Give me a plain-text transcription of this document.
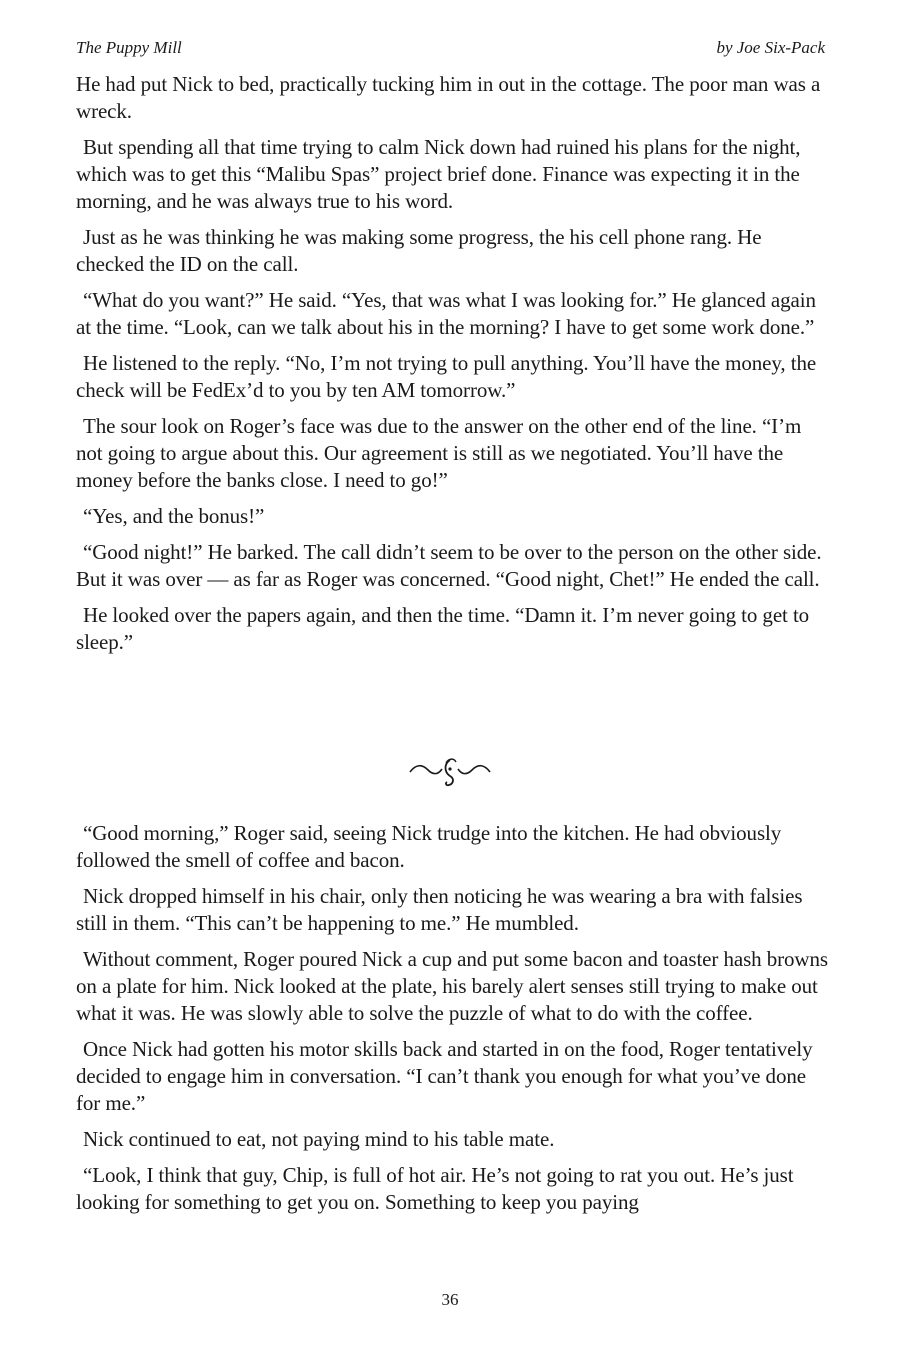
The Puppy Mill	by Joe Six-Pack

He had put Nick to bed, practically tucking him in out in the cottage. The poor man was a wreck.

But spending all that time trying to calm Nick down had ruined his plans for the night, which was to get this “Malibu Spas” project brief done. Finance was expecting it in the morning, and he was always true to his word.

Just as he was thinking he was making some progress, the his cell phone rang. He checked the ID on the call.

“What do you want?” He said. “Yes, that was what I was looking for.” He glanced again at the time. “Look, can we talk about his in the morning? I have to get some work done.”

He listened to the reply. “No, I’m not trying to pull anything. You’ll have the money, the check will be FedEx’d to you by ten AM tomorrow.”

The sour look on Roger’s face was due to the answer on the other end of the line. “I’m not going to argue about this. Our agreement is still as we negotiated. You’ll have the money before the banks close. I need to go!”

“Yes, and the bonus!”

“Good night!” He barked. The call didn’t seem to be over to the person on the other side. But it was over — as far as Roger was concerned. “Good night, Chet!” He ended the call.

He looked over the papers again, and then the time. “Damn it. I’m never going to get to sleep.”

“Good morning,” Roger said, seeing Nick trudge into the kitchen. He had obviously followed the smell of coffee and bacon.

Nick dropped himself in his chair, only then noticing he was wearing a bra with falsies still in them. “This can’t be happening to me.” He mumbled.

Without comment, Roger poured Nick a cup and put some bacon and toaster hash browns on a plate for him. Nick looked at the plate, his barely alert senses still trying to make out what it was. He was slowly able to solve the puzzle of what to do with the coffee.

Once Nick had gotten his motor skills back and started in on the food, Roger tentatively decided to engage him in conversation. “I can’t thank you enough for what you’ve done for me.”

Nick continued to eat, not paying mind to his table mate.

“Look, I think that guy, Chip, is full of hot air. He’s not going to rat you out. He’s just looking for something to get you on. Something to keep you paying

36
